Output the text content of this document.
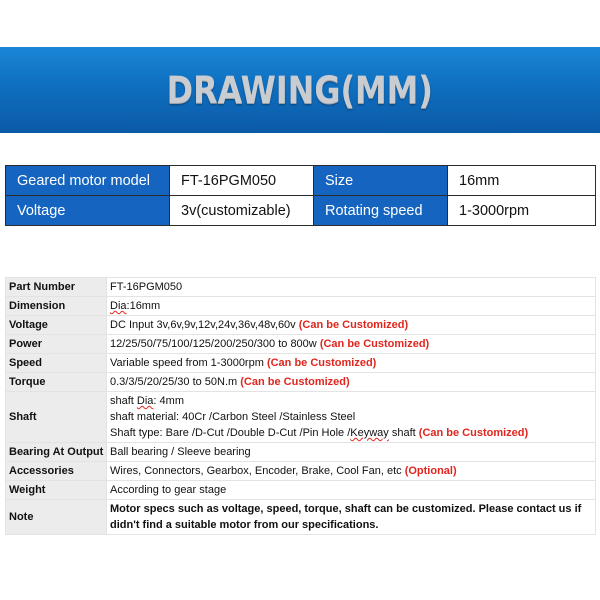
DRAWING(MM)
Geared motor model	FT-16PGM050	Size	16mm
Voltage	3v(customizable)	Rotating speed	1-3000rpm
Part Number	FT-16PGM050
Dimension	Dia:16mm
Voltage	DC Input 3v,6v,9v,12v,24v,36v,48v,60v (Can be Customized)
Power	12/25/50/75/100/125/200/250/300 to 800w (Can be Customized)
Speed	Variable speed from 1-3000rpm (Can be Customized)
Torque	0.3/3/5/20/25/30 to 50N.m (Can be Customized)
Shaft	shaft Dia: 4mm
shaft material: 40Cr /Carbon Steel /Stainless Steel
Shaft type: Bare /D-Cut /Double D-Cut /Pin Hole /Keyway shaft (Can be Customized)

Bearing At Output	Ball bearing / Sleeve bearing
Accessories	Wires, Connectors, Gearbox, Encoder, Brake, Cool Fan, etc (Optional)
Weight	According to gear stage
Note	Motor specs such as voltage, speed, torque, shaft can be customized. Please contact us if didn't find a suitable motor from our specifications.
